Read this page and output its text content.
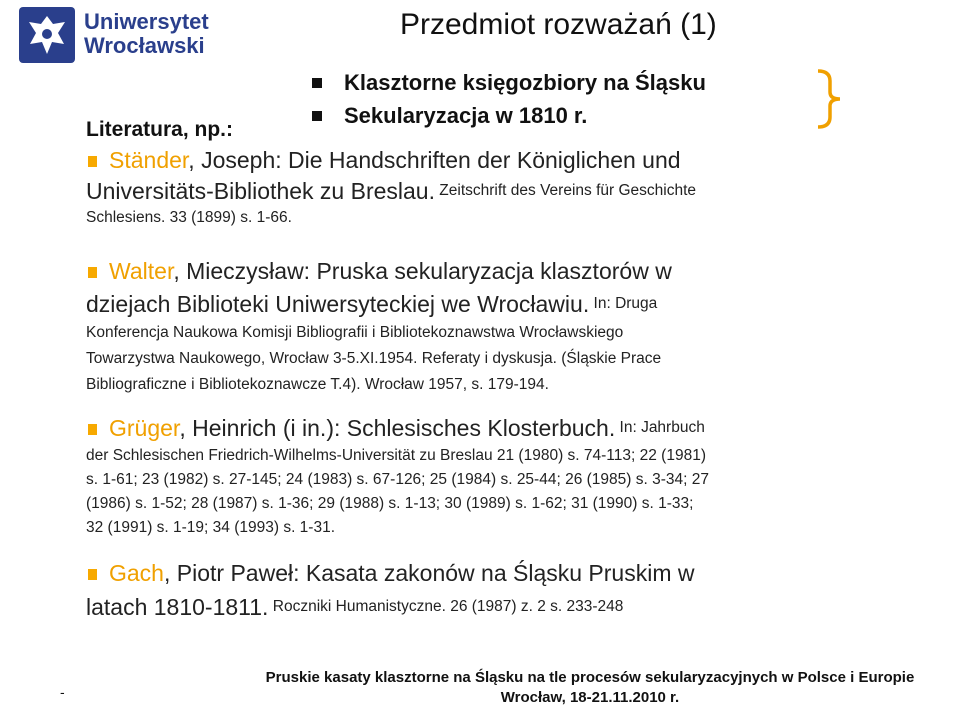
Uniwersytet
Wrocławski
Przedmiot rozważań (1)
Klasztorne księgozbiory na Śląsku
Sekularyzacja w 1810 r.
Literatura, np.:
Ständer, Joseph: Die Handschriften der Königlichen und
Universitäts-Bibliothek zu Breslau. Zeitschrift des Vereins für Geschichte
Schlesiens. 33 (1899) s. 1-66.
Walter, Mieczysław: Pruska sekularyzacja klasztorów w
dziejach Biblioteki Uniwersyteckiej we Wrocławiu. In: Druga
Konferencja Naukowa Komisji Bibliografii i Bibliotekoznawstwa Wrocławskiego
Towarzystwa Naukowego, Wrocław 3-5.XI.1954. Referaty i dyskusja. (Śląskie Prace
Bibliograficzne i Bibliotekoznawcze T.4). Wrocław 1957, s. 179-194.
Grüger, Heinrich (i in.): Schlesisches Klosterbuch. In: Jahrbuch
der Schlesischen Friedrich-Wilhelms-Universität zu Breslau 21 (1980) s. 74-113; 22 (1981)
s. 1-61; 23 (1982) s. 27-145; 24 (1983) s. 67-126; 25 (1984) s. 25-44; 26 (1985) s. 3-34; 27
(1986) s. 1-52; 28 (1987) s. 1-36; 29 (1988) s. 1-13; 30 (1989) s. 1-62; 31 (1990) s. 1-33;
32 (1991) s. 1-19; 34 (1993) s. 1-31.
Gach, Piotr Paweł: Kasata zakonów na Śląsku Pruskim w
latach 1810-1811. Roczniki Humanistyczne. 26 (1987) z. 2 s. 233-248
-
Pruskie kasaty klasztorne na Śląsku na tle procesów sekularyzacyjnych w Polsce i Europie
Wrocław, 18-21.11.2010 r.
